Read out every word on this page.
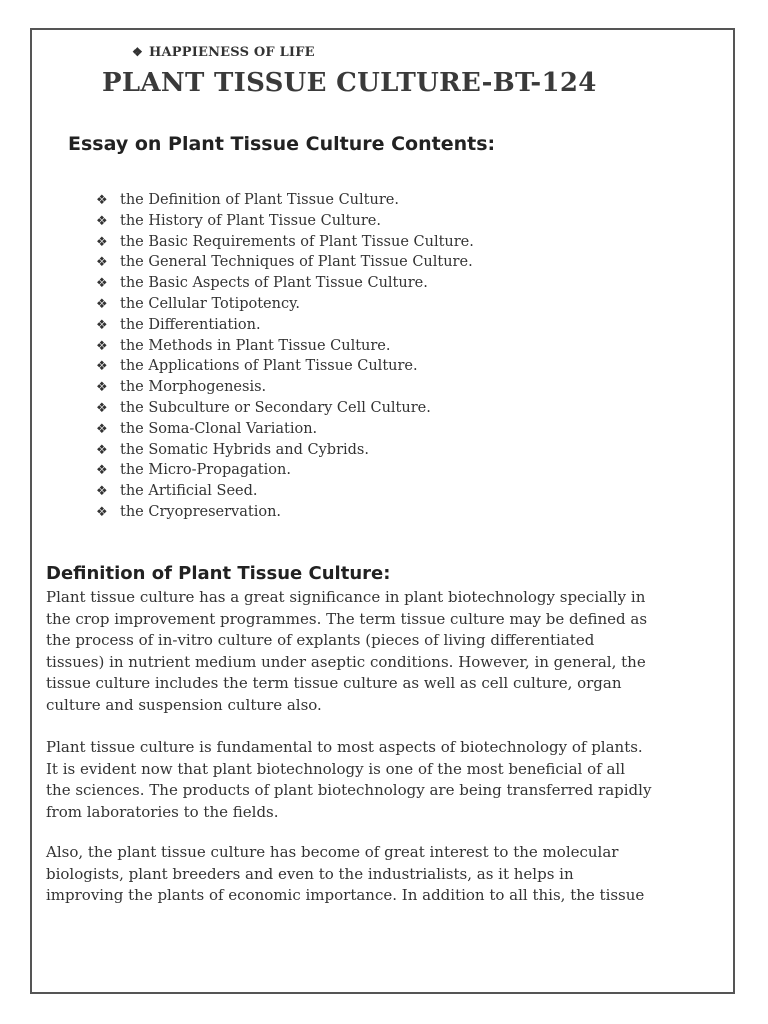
❖ HAPPIENESS OF LIFE
PLANT TISSUE CULTURE-BT-124
Essay on Plant Tissue Culture Contents:
❖ the Definition of Plant Tissue Culture.
❖ the History of Plant Tissue Culture.
❖ the Basic Requirements of Plant Tissue Culture.
❖ the General Techniques of Plant Tissue Culture.
❖ the Basic Aspects of Plant Tissue Culture.
❖ the Cellular Totipotency.
❖ the Differentiation.
❖ the Methods in Plant Tissue Culture.
❖ the Applications of Plant Tissue Culture.
❖ the Morphogenesis.
❖ the Subculture or Secondary Cell Culture.
❖ the Soma-Clonal Variation.
❖ the Somatic Hybrids and Cybrids.
❖ the Micro-Propagation.
❖ the Artificial Seed.
❖ the Cryopreservation.
Definition of Plant Tissue Culture:

Plant tissue culture has a great significance in plant biotechnology specially in
the crop improvement programmes. The term tissue culture may be defined as
the process of in-vitro culture of explants (pieces of living differentiated
tissues) in nutrient medium under aseptic conditions. However, in general, the
tissue culture includes the term tissue culture as well as cell culture, organ
culture and suspension culture also.

Plant tissue culture is fundamental to most aspects of biotechnology of plants.
It is evident now that plant biotechnology is one of the most beneficial of all
the sciences. The products of plant biotechnology are being transferred rapidly
from laboratories to the fields.

Also, the plant tissue culture has become of great interest to the molecular
biologists, plant breeders and even to the industrialists, as it helps in
improving the plants of economic importance. In addition to all this, the tissue
